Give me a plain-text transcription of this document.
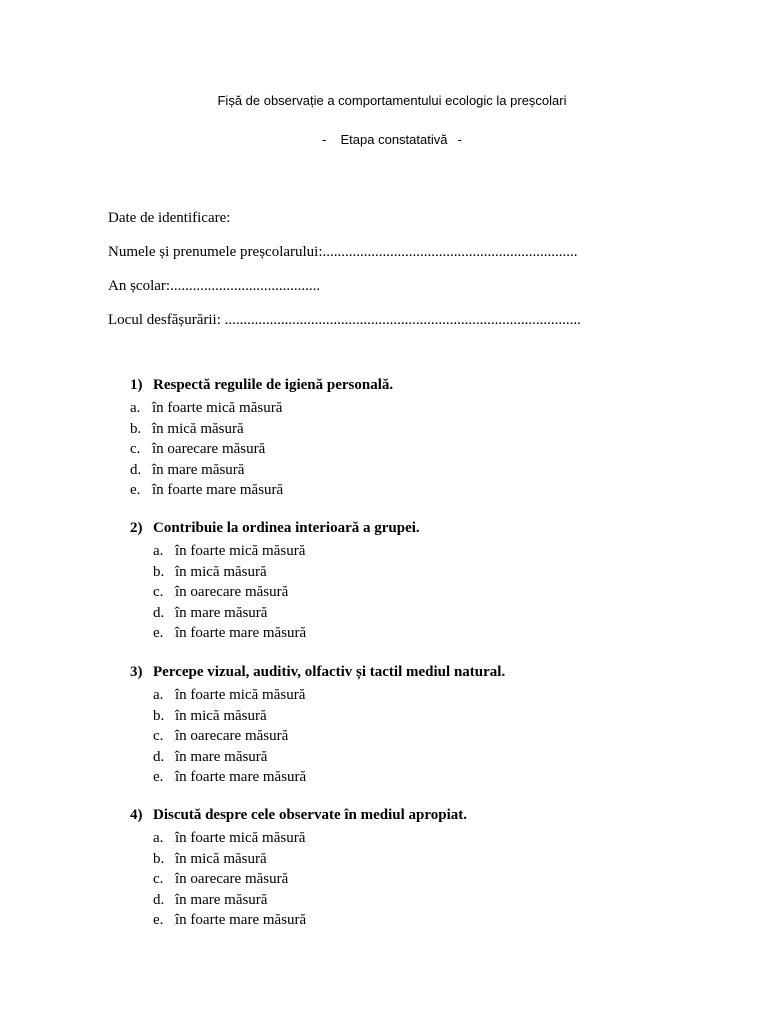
Fișă de observație a comportamentului ecologic la preșcolari
- Etapa constatativă -
Date de identificare:
Numele și prenumele preșcolarului:....................................................................
An școlar:........................................
Locul desfășurării: ...............................................................................................
1) Respectă regulile de igienă personală.
a. în foarte mică măsură
b. în mică măsură
c. în oarecare măsură
d. în mare măsură
e. în foarte mare măsură
2) Contribuie la ordinea interioară a grupei.
a. în foarte mică măsură
b. în mică măsură
c. în oarecare măsură
d. în mare măsură
e. în foarte mare măsură
3) Percepe vizual, auditiv, olfactiv și tactil mediul natural.
a. în foarte mică măsură
b. în mică măsură
c. în oarecare măsură
d. în mare măsură
e. în foarte mare măsură
4) Discută despre cele observate în mediul apropiat.
a. în foarte mică măsură
b. în mică măsură
c. în oarecare măsură
d. în mare măsură
e. în foarte mare măsură
